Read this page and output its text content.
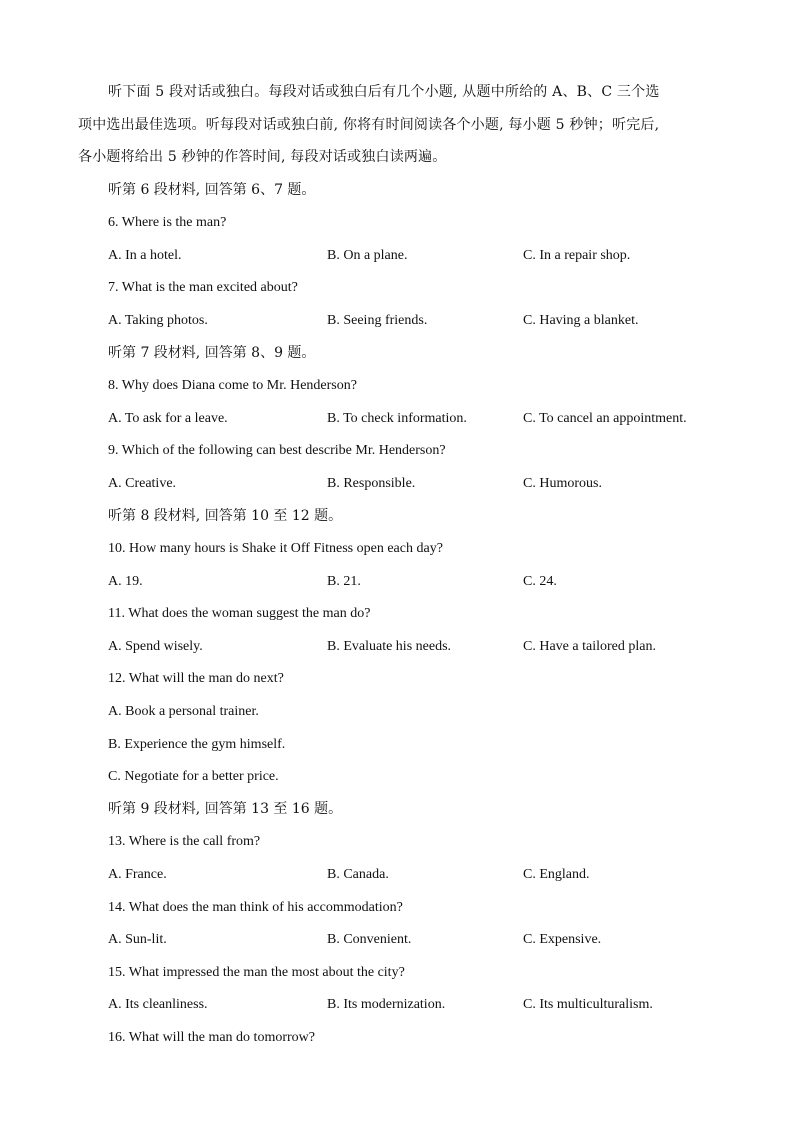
听下面 5 段对话或独白。每段对话或独白后有几个小题, 从题中所给的 A、B、C 三个选
项中选出最佳选项。听每段对话或独白前, 你将有时间阅读各个小题, 每小题 5 秒钟；听完后,
各小题将给出 5 秒钟的作答时间, 每段对话或独白读两遍。
听第 6 段材料, 回答第 6、7 题。
6. Where is the man?
A. In a hotel.	B. On a plane.	C. In a repair shop.
7. What is the man excited about?
A. Taking photos.	B. Seeing friends.	C. Having a blanket.
听第 7 段材料, 回答第 8、9 题。
8. Why does Diana come to Mr. Henderson?
A. To ask for a leave.	B. To check information.	C. To cancel an appointment.
9. Which of the following can best describe Mr. Henderson?
A. Creative.	B. Responsible.	C. Humorous.
听第 8 段材料, 回答第 10 至 12 题。
10. How many hours is Shake it Off Fitness open each day?
A. 19.	B. 21.	C. 24.
11. What does the woman suggest the man do?
A. Spend wisely.	B. Evaluate his needs.	C. Have a tailored plan.
12. What will the man do next?
A. Book a personal trainer.
B. Experience the gym himself.
C. Negotiate for a better price.
听第 9 段材料, 回答第 13 至 16 题。
13. Where is the call from?
A. France.	B. Canada.	C. England.
14. What does the man think of his accommodation?
A. Sun-lit.	B. Convenient.	C. Expensive.
15. What impressed the man the most about the city?
A. Its cleanliness.	B. Its modernization.	C. Its multiculturalism.
16. What will the man do tomorrow?
